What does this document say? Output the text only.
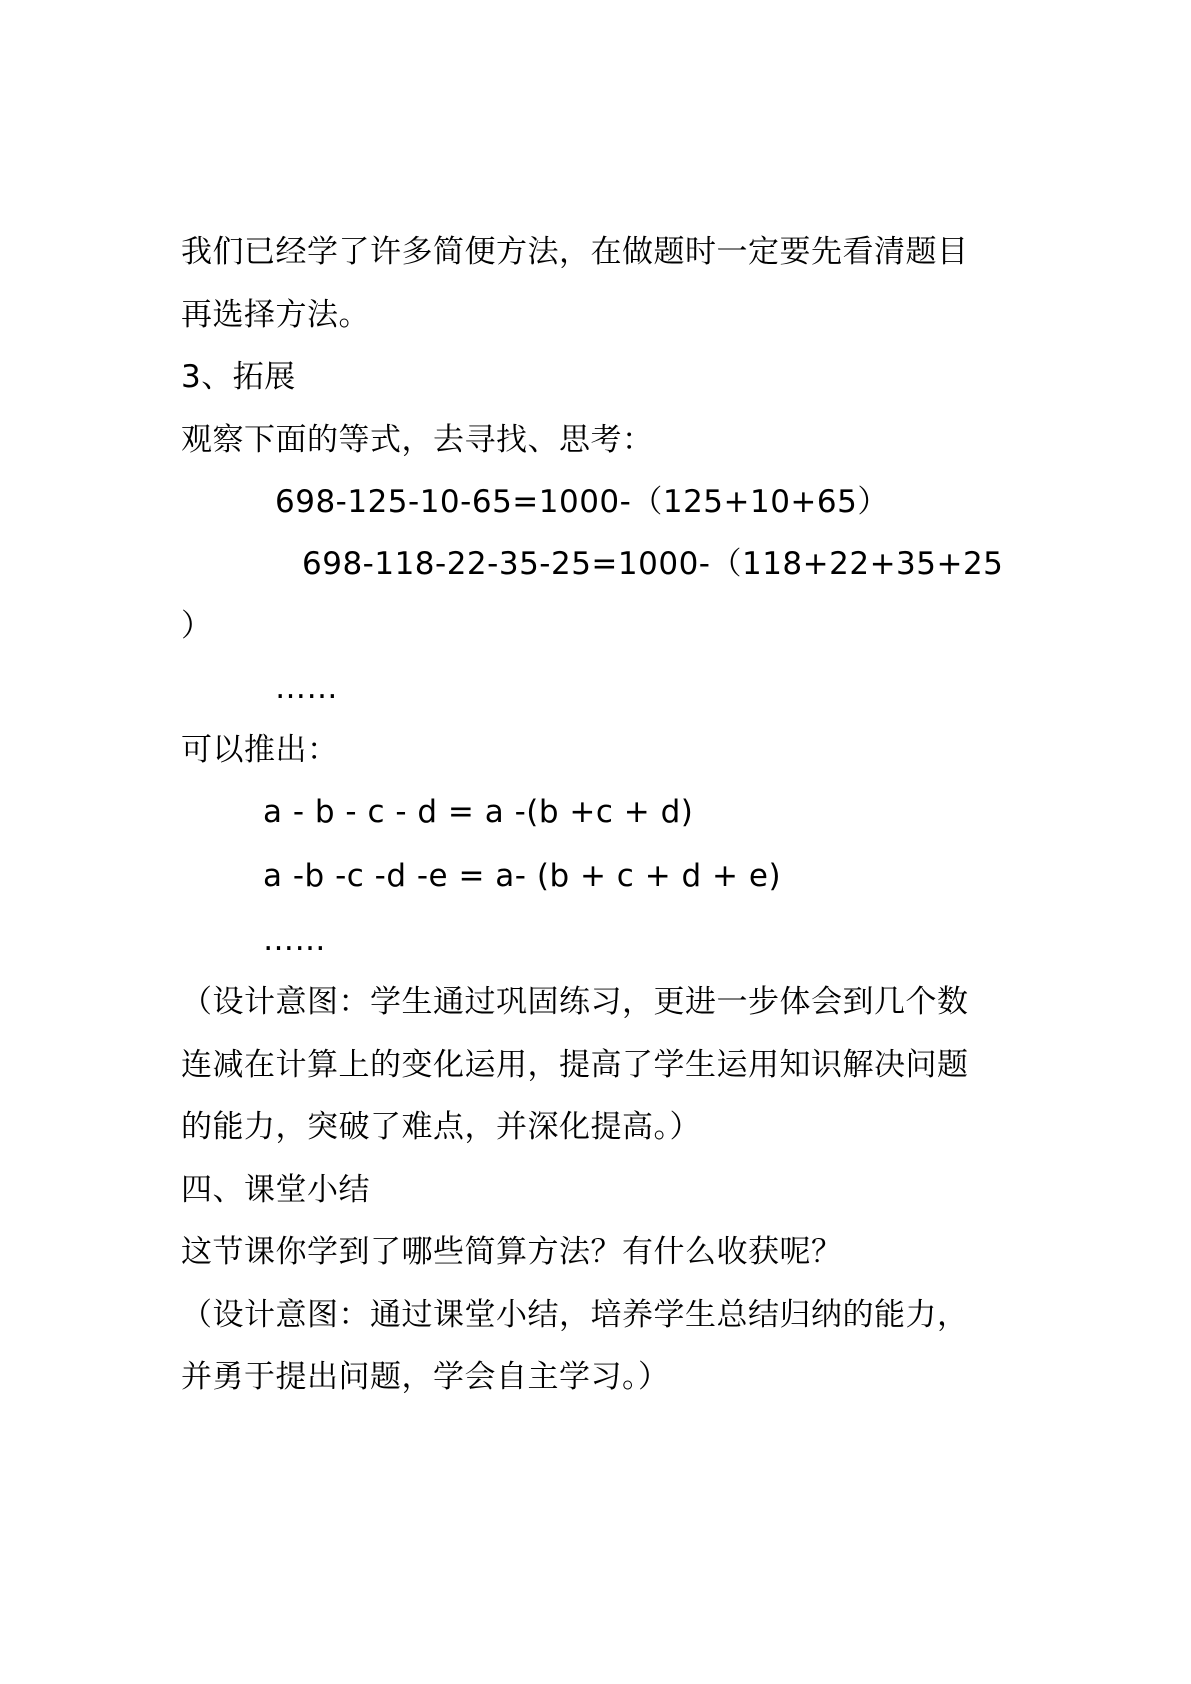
我们已经学了许多简便方法，在做题时一定要先看清题目
再选择方法。
3、拓展
观察下面的等式，去寻找、思考：
698-125-10-65=1000-（125+10+65）
698-118-22-35-25=1000-（118+22+35+25
）
……
可以推出：
a - b - c - d = a -(b +c + d)
a -b -c -d -e = a- (b + c + d + e)
……
（设计意图：学生通过巩固练习，更进一步体会到几个数
连减在计算上的变化运用，提高了学生运用知识解决问题
的能力，突破了难点，并深化提高。）
四、课堂小结
这节课你学到了哪些简算方法？有什么收获呢？
（设计意图：通过课堂小结，培养学生总结归纳的能力，
并勇于提出问题，学会自主学习。）
